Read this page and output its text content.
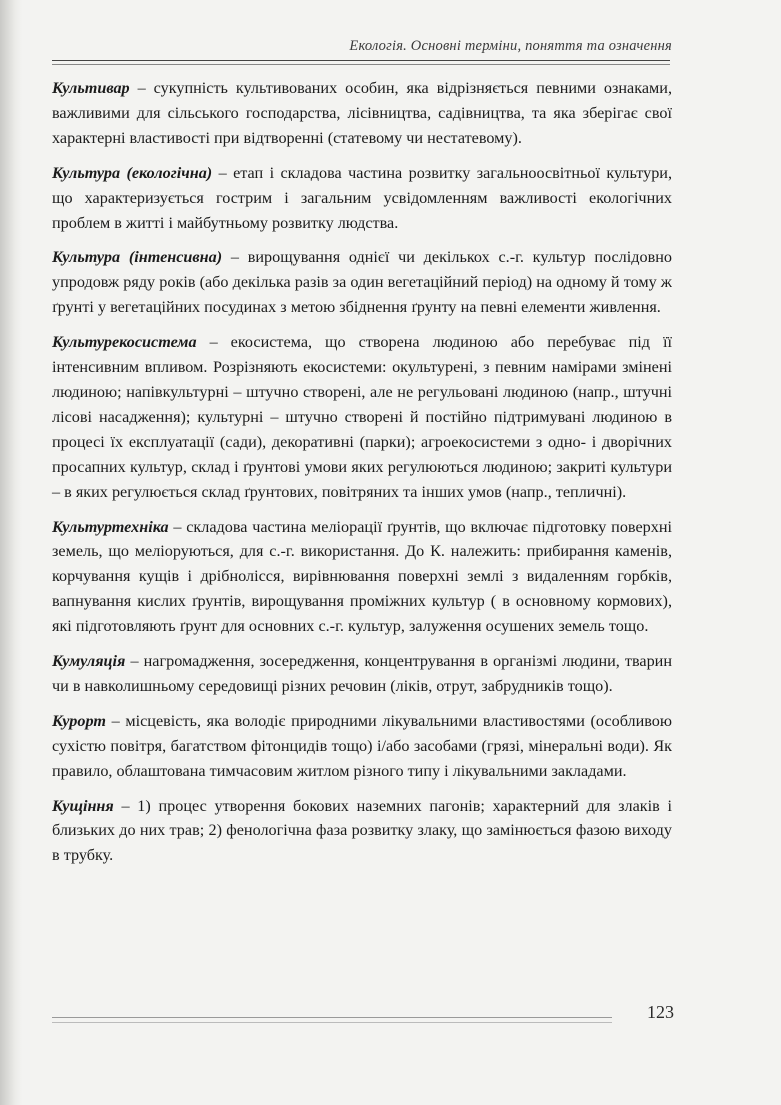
Екологія. Основні терміни, поняття та означення

Культивар – сукупність культивованих особин, яка відрізняється певними ознаками, важливими для сільського господарства, лісівництва, садівництва, та яка зберігає свої характерні властивості при відтворенні (статевому чи нестатевому).

Культура (екологічна) – етап і складова частина розвитку загальноосвітньої культури, що характеризується гострим і загальним усвідомленням важливості екологічних проблем в житті і майбутньому розвитку людства.

Культура (інтенсивна) – вирощування однієї чи декількох с.-г. культур послідовно упродовж ряду років (або декілька разів за один вегетаційний період) на одному й тому ж ґрунті у вегетаційних посудинах з метою збіднення ґрунту на певні елементи живлення.

Культурекосистема – екосистема, що створена людиною або перебуває під її інтенсивним впливом. Розрізняють екосистеми: окультурені, з певним намірами змінені людиною; напівкультурні – штучно створені, але не регульовані людиною (напр., штучні лісові насадження); культурні – штучно створені й постійно підтримувані людиною в процесі їх експлуатації (сади), декоративні (парки); агроекосистеми з одно- і дворічних просапних культур, склад і ґрунтові умови яких регулюються людиною; закриті культури – в яких регулюється склад ґрунтових, повітряних та інших умов (напр., тепличні).

Культуртехніка – складова частина меліорації ґрунтів, що включає підготовку поверхні земель, що меліоруються, для с.-г. використання. До К. належить: прибирання каменів, корчування кущів і дрібнолісся, вирівнювання поверхні землі з видаленням горбків, вапнування кислих ґрунтів, вирощування проміжних культур ( в основному кормових), які підготовляють ґрунт для основних с.-г. культур, залуження осушених земель тощо.

Кумуляція – нагромадження, зосередження, концентрування в організмі людини, тварин чи в навколишньому середовищі різних речовин (ліків, отрут, забрудників тощо).

Курорт – місцевість, яка володіє природними лікувальними властивостями (особливою сухістю повітря, багатством фітонцидів тощо) і/або засобами (грязі, мінеральні води). Як правило, облаштована тимчасовим житлом різного типу і лікувальними закладами.

Кущіння – 1) процес утворення бокових наземних пагонів; характерний для злаків і близьких до них трав; 2) фенологічна фаза розвитку злаку, що замінюється фазою виходу в трубку.

123
